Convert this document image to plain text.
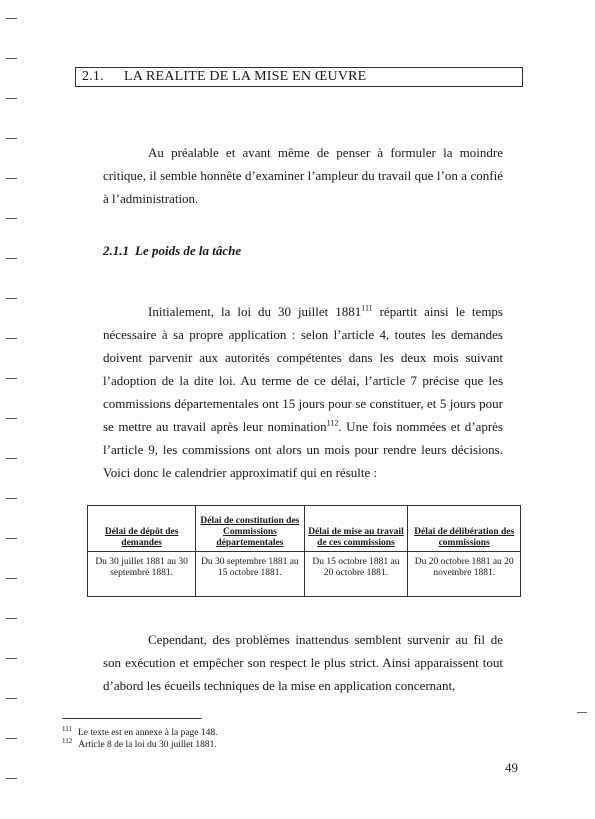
2.1. LA REALITE DE LA MISE EN ŒUVRE

Au préalable et avant même de penser à formuler la moindre critique, il semble honnête d’examiner l’ampleur du travail que l’on a confié à l’administration.

2.1.1 Le poids de la tâche

Initialement, la loi du 30 juillet 1881$^{111}$ répartit ainsi le temps nécessaire à sa propre application : selon l’article 4, toutes les demandes doivent parvenir aux autorités compétentes dans les deux mois suivant l’adoption de la dite loi. Au terme de ce délai, l’article 7 précise que les commissions départementales ont 15 jours pour se constituer, et 5 jours pour se mettre au travail après leur nomination$^{112}$. Une fois nommées et d’après l’article 9, les commissions ont alors un mois pour rendre leurs décisions. Voici donc le calendrier approximatif qui en résulte :

Délai de dépôt des demandes	Délai de constitution des Commissions départementales	Délai de mise au travail de ces commissions	Délai de délibération des commissions
Du 30 juillet 1881 au 30 septembre 1881.	Du 30 septembre 1881 au 15 octobre 1881.	Du 15 octobre 1881 au 20 octobre 1881.	Du 20 octobre 1881 au 20 novembre 1881.

Cependant, des problèmes inattendus semblent survenir au fil de son exécution et empêcher son respect le plus strict. Ainsi apparaissent tout d’abord les écueils techniques de la mise en application concernant,

$^{111}$ Le texte est en annexe à la page 148.
$^{112}$ Article 8 de la loi du 30 juillet 1881.
49
